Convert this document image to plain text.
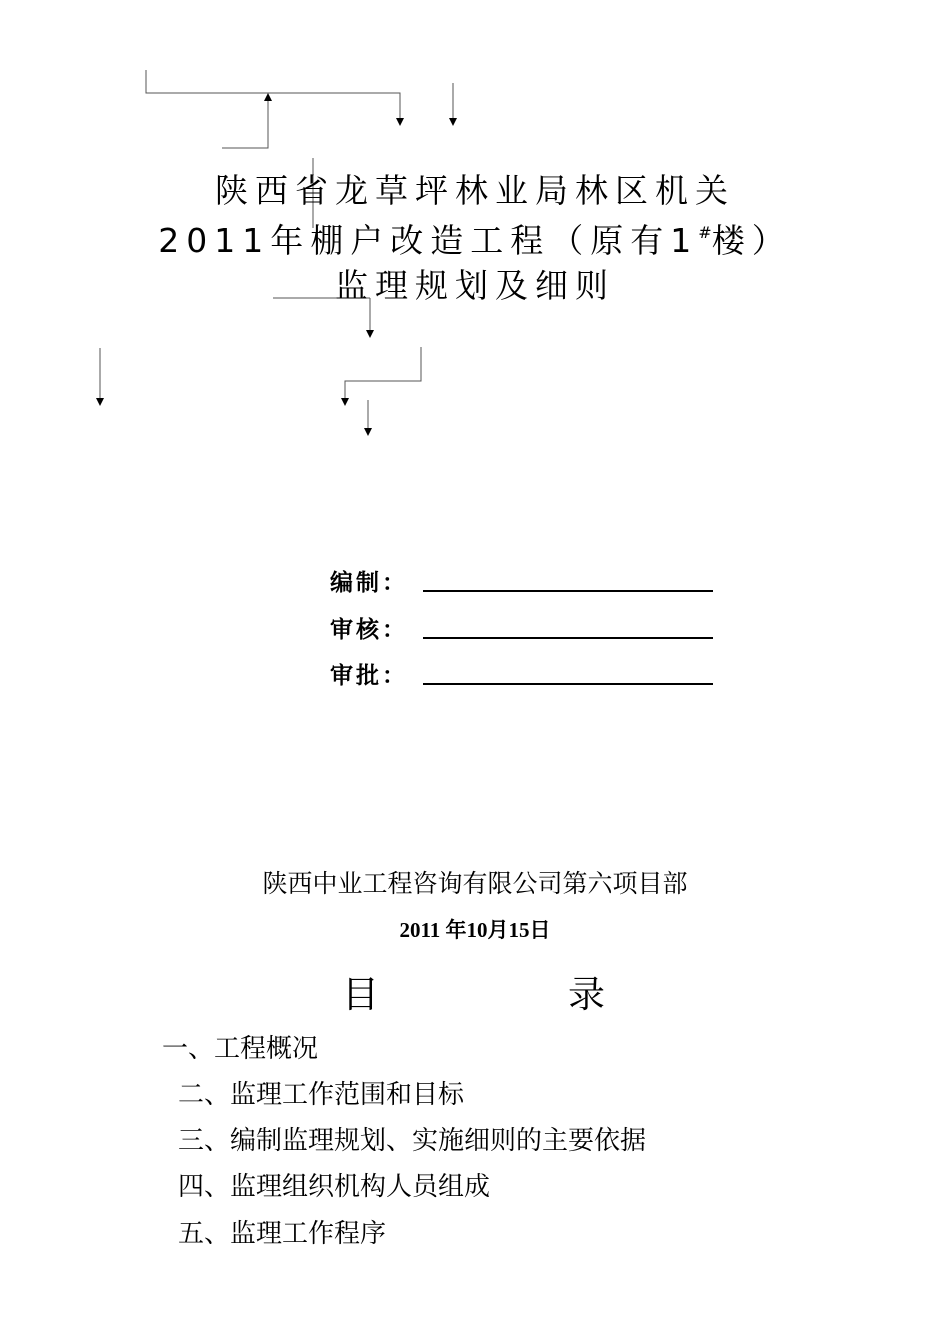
陕西省龙草坪林业局林区机关
2011年棚户改造工程（原有1#楼）
监理规划及细则
编制：
审核：
审批：
陕西中业工程咨询有限公司第六项目部
2011 年10月15日
目	录
一、工程概况
二、监理工作范围和目标
三、编制监理规划、实施细则的主要依据
四、监理组织机构人员组成
五、监理工作程序
